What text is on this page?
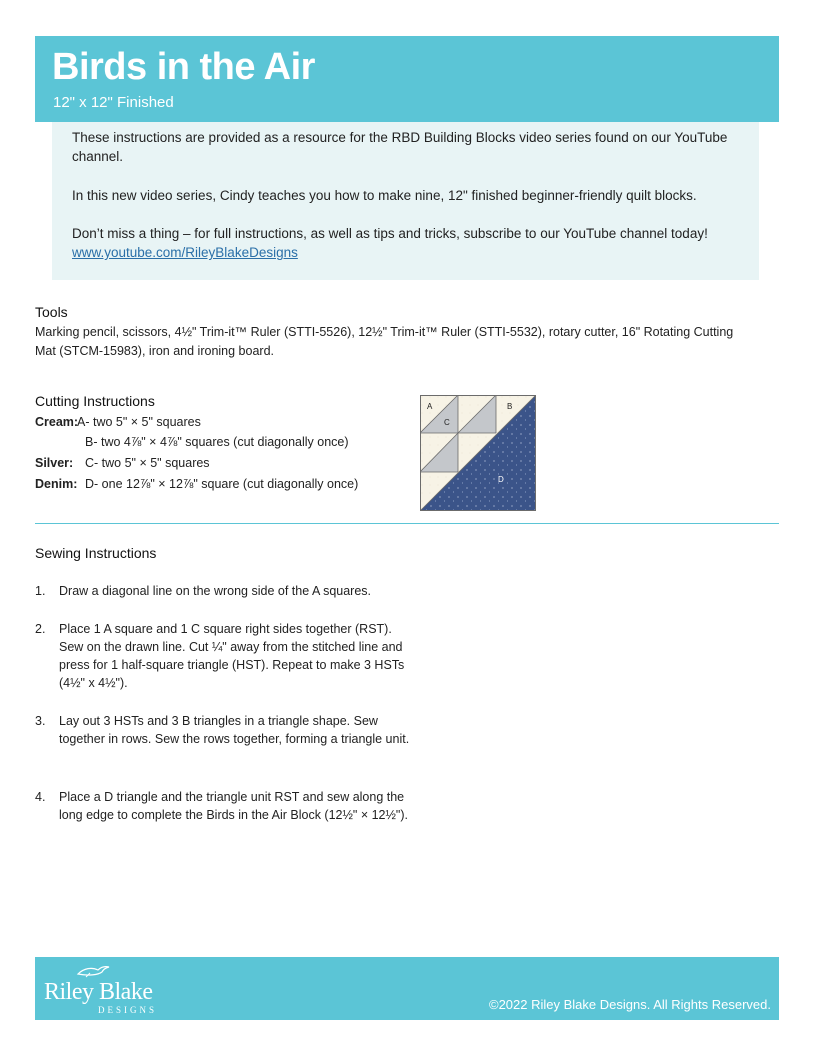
Birds in the Air

12" x 12" Finished

These instructions are provided as a resource for the RBD Building Blocks video series found on our YouTube channel.

In this new video series, Cindy teaches you how to make nine, 12" finished beginner-friendly quilt blocks.

Don’t miss a thing – for full instructions, as well as tips and tricks, subscribe to our YouTube channel today! www.youtube.com/RileyBlakeDesigns

Tools

Marking pencil, scissors, 4½" Trim-it™ Ruler (STTI-5526), 12½" Trim-it™ Ruler (STTI-5532), rotary cutter, 16" Rotating Cutting Mat (STCM-15983), iron and ironing board.

Cutting Instructions
Cream:A- two 5" × 5" squares
B- two 4⅞" × 4⅞" squares (cut diagonally once)
Silver: C- two 5" × 5" squares
Denim: D- one 12⅞" × 12⅞" square (cut diagonally once)
A
C
B
D
Sewing Instructions
1. Draw a diagonal line on the wrong side of the A squares.
2. Place 1 A square and 1 C square right sides together (RST). Sew on the drawn line. Cut ¼" away from the stitched line and press for 1 half-square triangle (HST). Repeat to make 3 HSTs (4½" x 4½").
3. Lay out 3 HSTs and 3 B triangles in a triangle shape. Sew together in rows. Sew the rows together, forming a triangle unit.
4. Place a D triangle and the triangle unit RST and sew along the long edge to complete the Birds in the Air Block (12½" × 12½").

Riley Blake

DESIGNS	©2022 Riley Blake Designs. All Rights Reserved.
